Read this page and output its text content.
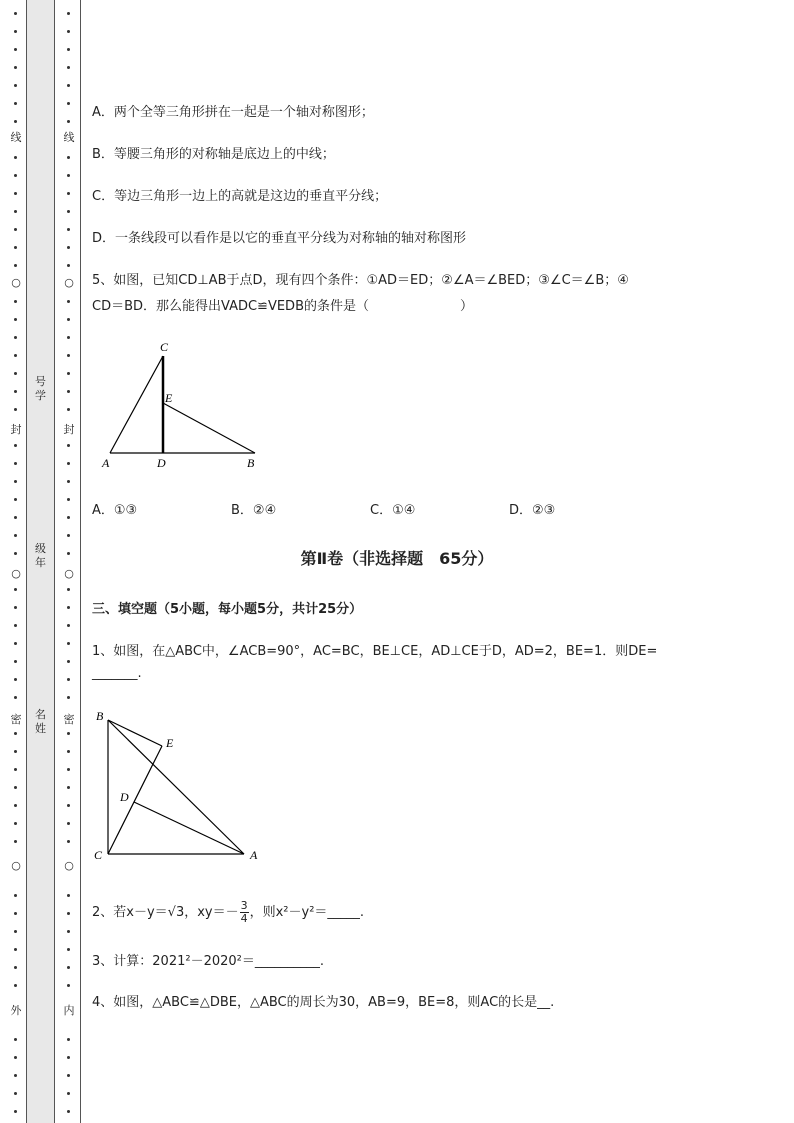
线
○
封
○
密
○
外
号学
级年
名姓
线
○
封
○
密
○
内
A．两个全等三角形拼在一起是一个轴对称图形；
B．等腰三角形的对称轴是底边上的中线；
C．等边三角形一边上的高就是这边的垂直平分线；
D．一条线段可以看作是以它的垂直平分线为对称轴的轴对称图形
5、如图，已知CD⊥AB于点D，现有四个条件：①AD＝ED；②∠A＝∠BED；③∠C＝∠B；④
CD＝BD．那么能得出VADC≌VEDB的条件是（　　　　　　　）
C
E
A	D	B
A．①③	B．②④	C．①④	D．②③
第Ⅱ卷（非选择题　65分）
三、填空题（5小题，每小题5分，共计25分）
1、如图，在△ABC中，∠ACB=90°，AC=BC，BE⊥CE，AD⊥CE于D，AD=2，BE=1．则DE=
_______.
B
E
D
C	A
2、若x－y＝√3，$xy=- \frac{3}{4}$ ，则x²－y²＝_____.
3、计算：2021²－2020²＝__________.
4、如图，△ABC≌△DBE，△ABC的周长为30，AB=9，BE=8，则AC的长是__.
